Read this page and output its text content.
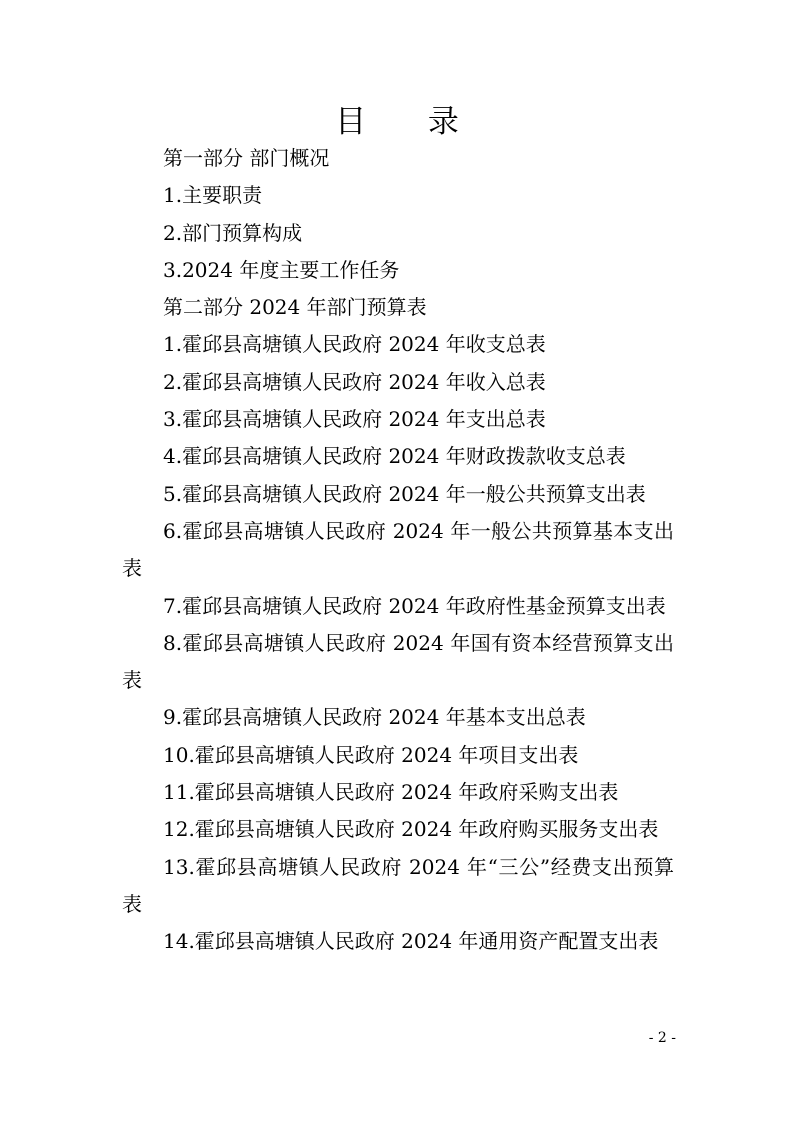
目 录
第一部分 部门概况
1.主要职责
2.部门预算构成
3.2024 年度主要工作任务
第二部分 2024 年部门预算表
1.霍邱县高塘镇人民政府 2024 年收支总表
2.霍邱县高塘镇人民政府 2024 年收入总表
3.霍邱县高塘镇人民政府 2024 年支出总表
4.霍邱县高塘镇人民政府 2024 年财政拨款收支总表
5.霍邱县高塘镇人民政府 2024 年一般公共预算支出表
6.霍邱县高塘镇人民政府 2024 年一般公共预算基本支出表
7.霍邱县高塘镇人民政府 2024 年政府性基金预算支出表
8.霍邱县高塘镇人民政府 2024 年国有资本经营预算支出表
9.霍邱县高塘镇人民政府 2024 年基本支出总表
10.霍邱县高塘镇人民政府 2024 年项目支出表
11.霍邱县高塘镇人民政府 2024 年政府采购支出表
12.霍邱县高塘镇人民政府 2024 年政府购买服务支出表
13.霍邱县高塘镇人民政府 2024 年“三公”经费支出预算表
14.霍邱县高塘镇人民政府 2024 年通用资产配置支出表
- 2 -
